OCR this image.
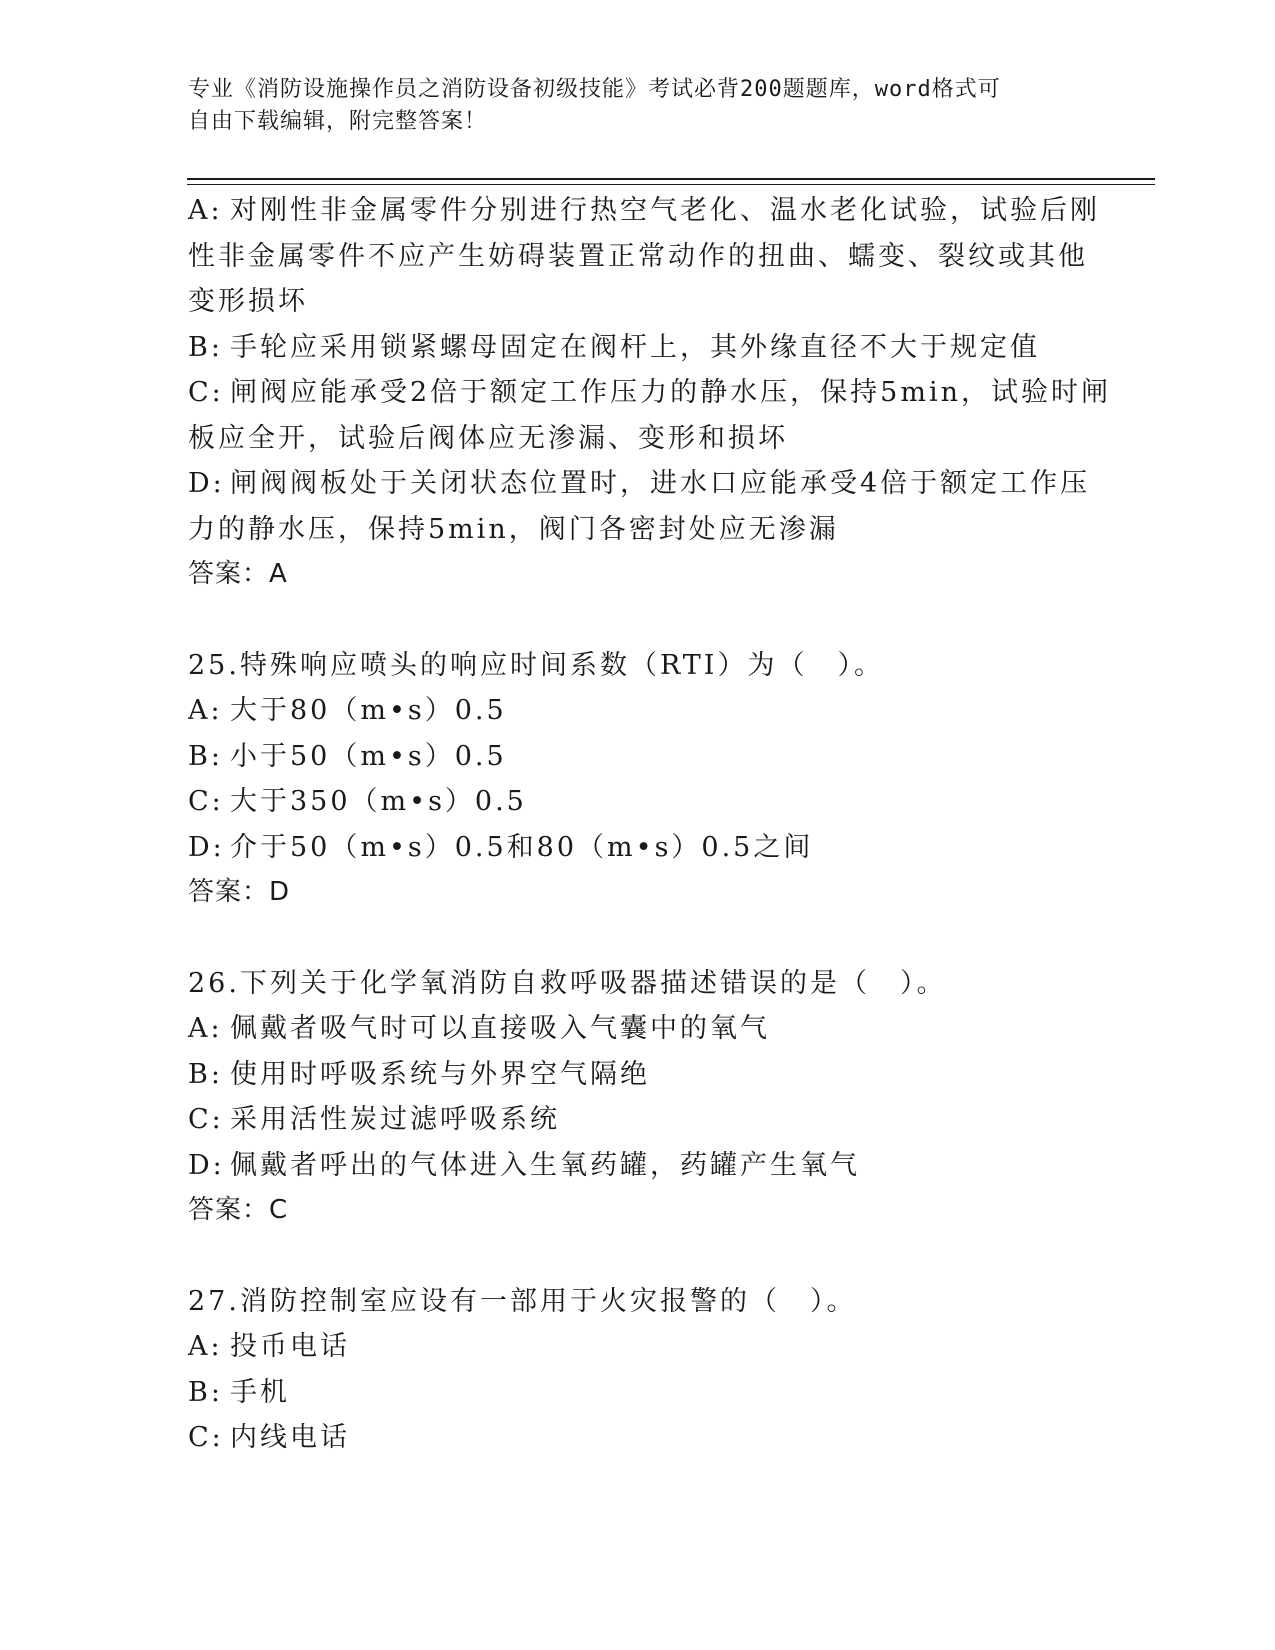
专业《消防设施操作员之消防设备初级技能》考试必背200题题库，word格式可
自由下载编辑，附完整答案！
A: 对刚性非金属零件分别进行热空气老化、温水老化试验，试验后刚
性非金属零件不应产生妨碍装置正常动作的扭曲、蠕变、裂纹或其他
变形损坏
B: 手轮应采用锁紧螺母固定在阀杆上，其外缘直径不大于规定值
C: 闸阀应能承受2倍于额定工作压力的静水压，保持5min，试验时闸
板应全开，试验后阀体应无渗漏、变形和损坏
D: 闸阀阀板处于关闭状态位置时，进水口应能承受4倍于额定工作压
力的静水压，保持5min，阀门各密封处应无渗漏
答案：A
25.特殊响应喷头的响应时间系数（RTI）为（　）。
A: 大于80（m•s）0.5
B: 小于50（m•s）0.5
C: 大于350（m•s）0.5
D: 介于50（m•s）0.5和80（m•s）0.5之间
答案：D
26.下列关于化学氧消防自救呼吸器描述错误的是（　）。
A: 佩戴者吸气时可以直接吸入气囊中的氧气
B: 使用时呼吸系统与外界空气隔绝
C: 采用活性炭过滤呼吸系统
D: 佩戴者呼出的气体进入生氧药罐，药罐产生氧气
答案：C
27.消防控制室应设有一部用于火灾报警的（　）。
A: 投币电话
B: 手机
C: 内线电话
